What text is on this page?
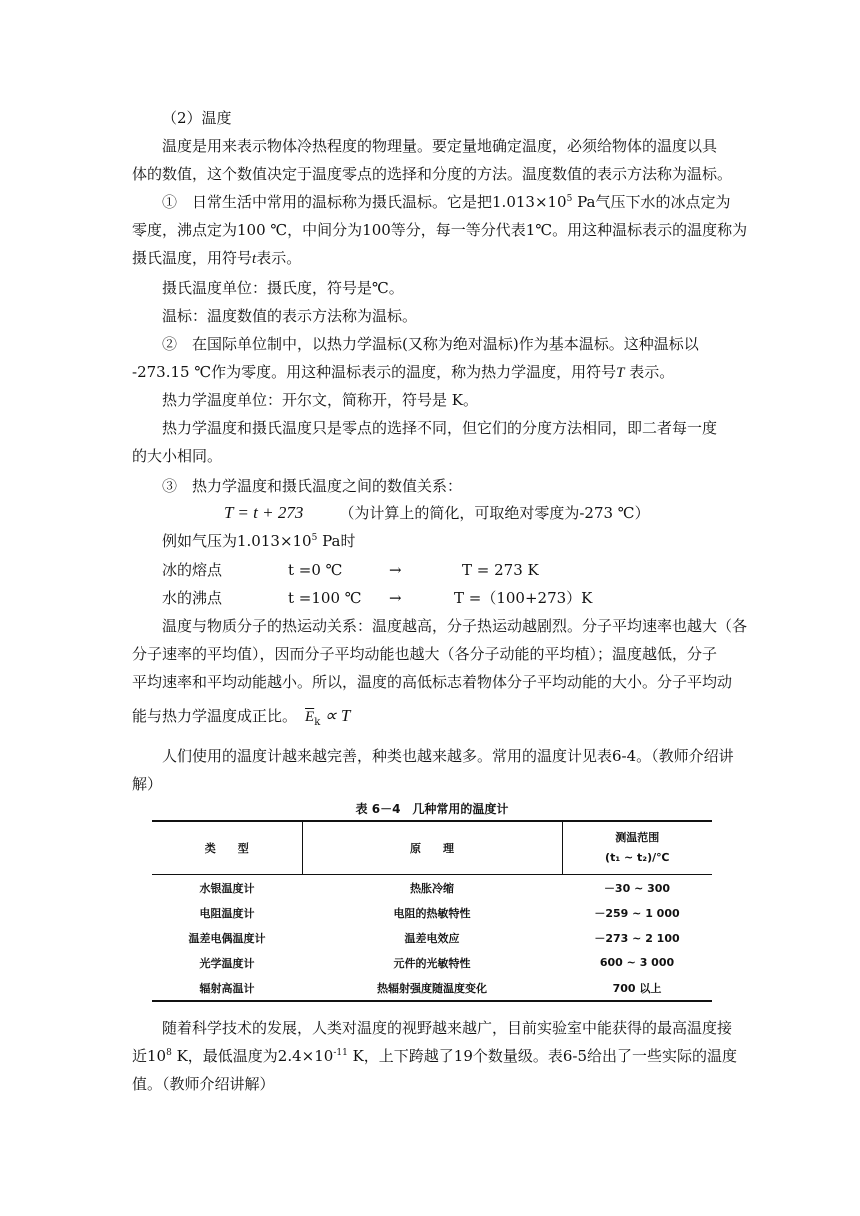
（2）温度

温度是用来表示物体冷热程度的物理量。要定量地确定温度，必须给物体的温度以具

体的数值，这个数值决定于温度零点的选择和分度的方法。温度数值的表示方法称为温标。

①　日常生活中常用的温标称为摄氏温标。它是把$1.013\times 10^5$ Pa气压下水的冰点定为

零度，沸点定为100 ℃，中间分为100等分，每一等分代表1℃。用这种温标表示的温度称为

摄氏温度，用符号t表示。

摄氏温度单位：摄氏度，符号是℃。

温标：温度数值的表示方法称为温标。

②　在国际单位制中，以热力学温标(又称为绝对温标)作为基本温标。这种温标以

-273.15 ℃作为零度。用这种温标表示的温度，称为热力学温度，用符号T 表示。

热力学温度单位：开尔文，简称开，符号是 K。

热力学温度和摄氏温度只是零点的选择不同，但它们的分度方法相同，即二者每一度

的大小相同。

③　热力学温度和摄氏温度之间的数值关系：

T = t + 273 （为计算上的简化，可取绝对零度为-273 ℃）

例如气压为$1.013\times 10^5$ Pa时

冰的熔点	t =0 ℃	→	T = 273 K
水的沸点	t =100 ℃ →	T =（100+273）K

温度与物质分子的热运动关系：温度越高，分子热运动越剧烈。分子平均速率也越大（各

分子速率的平均值），因而分子平均动能也越大（各分子动能的平均植）；温度越低，分子

平均速率和平均动能越小。所以，温度的高低标志着物体分子平均动能的大小。分子平均动

能与热力学温度成正比。 $\overline{E}_k \propto T$

人们使用的温度计越来越完善，种类也越来越多。常用的温度计见表6-4。（教师介绍讲

解）

表 6－4　几种常用的温度计
类　　型	原　　理	测温范围
(t₁ ~ t₂)/℃

水银温度计	热胀冷缩	－30 ~ 300
电阻温度计	电阻的热敏特性	－259 ~ 1 000
温差电偶温度计	温差电效应	－273 ~ 2 100
光学温度计	元件的光敏特性	600 ~ 3 000
辐射高温计	热辐射强度随温度变化	700 以上

随着科学技术的发展，人类对温度的视野越来越广，目前实验室中能获得的最高温度接

近$10^8$ K，最低温度为$2.4\times 10^{-11}$ K，上下跨越了19个数量级。表6-5给出了一些实际的温度

值。（教师介绍讲解）
